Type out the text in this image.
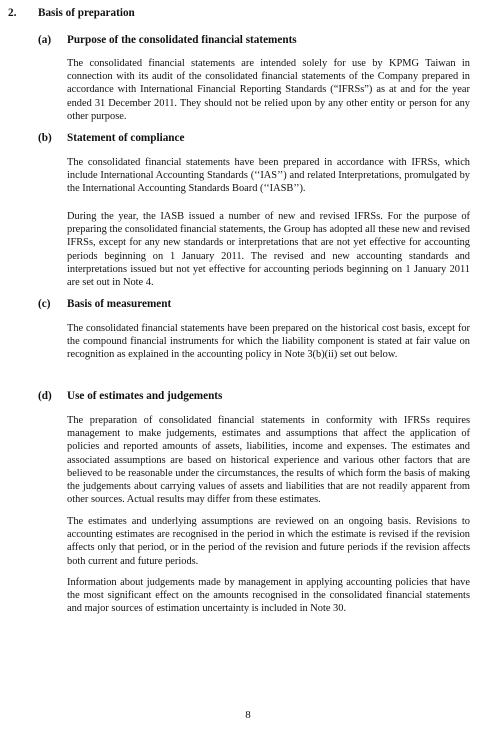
2. Basis of preparation
(a) Purpose of the consolidated financial statements

The consolidated financial statements are intended solely for use by KPMG Taiwan in connection with its audit of the consolidated financial statements of the Company prepared in accordance with International Financial Reporting Standards (“IFRSs”) as at and for the year ended 31 December 2011. They should not be relied upon by any other entity or person for any other purpose.

(b) Statement of compliance

The consolidated financial statements have been prepared in accordance with IFRSs, which include International Accounting Standards (‘‘IAS’’) and related Interpretations, promulgated by the International Accounting Standards Board (‘‘IASB’’).

During the year, the IASB issued a number of new and revised IFRSs. For the purpose of preparing the consolidated financial statements, the Group has adopted all these new and revised IFRSs, except for any new standards or interpretations that are not yet effective for accounting periods beginning on 1 January 2011. The revised and new accounting standards and interpretations issued but not yet effective for accounting periods beginning on 1 January 2011 are set out in Note 4.

(c) Basis of measurement

The consolidated financial statements have been prepared on the historical cost basis, except for the compound financial instruments for which the liability component is stated at fair value on recognition as explained in the accounting policy in Note 3(b)(ii) set out below.

(d) Use of estimates and judgements

The preparation of consolidated financial statements in conformity with IFRSs requires management to make judgements, estimates and assumptions that affect the application of policies and reported amounts of assets, liabilities, income and expenses. The estimates and associated assumptions are based on historical experience and various other factors that are believed to be reasonable under the circumstances, the results of which form the basis of making the judgements about carrying values of assets and liabilities that are not readily apparent from other sources. Actual results may differ from these estimates.

The estimates and underlying assumptions are reviewed on an ongoing basis. Revisions to accounting estimates are recognised in the period in which the estimate is revised if the revision affects only that period, or in the period of the revision and future periods if the revision affects both current and future periods.

Information about judgements made by management in applying accounting policies that have the most significant effect on the amounts recognised in the consolidated financial statements and major sources of estimation uncertainty is included in Note 30.

8
